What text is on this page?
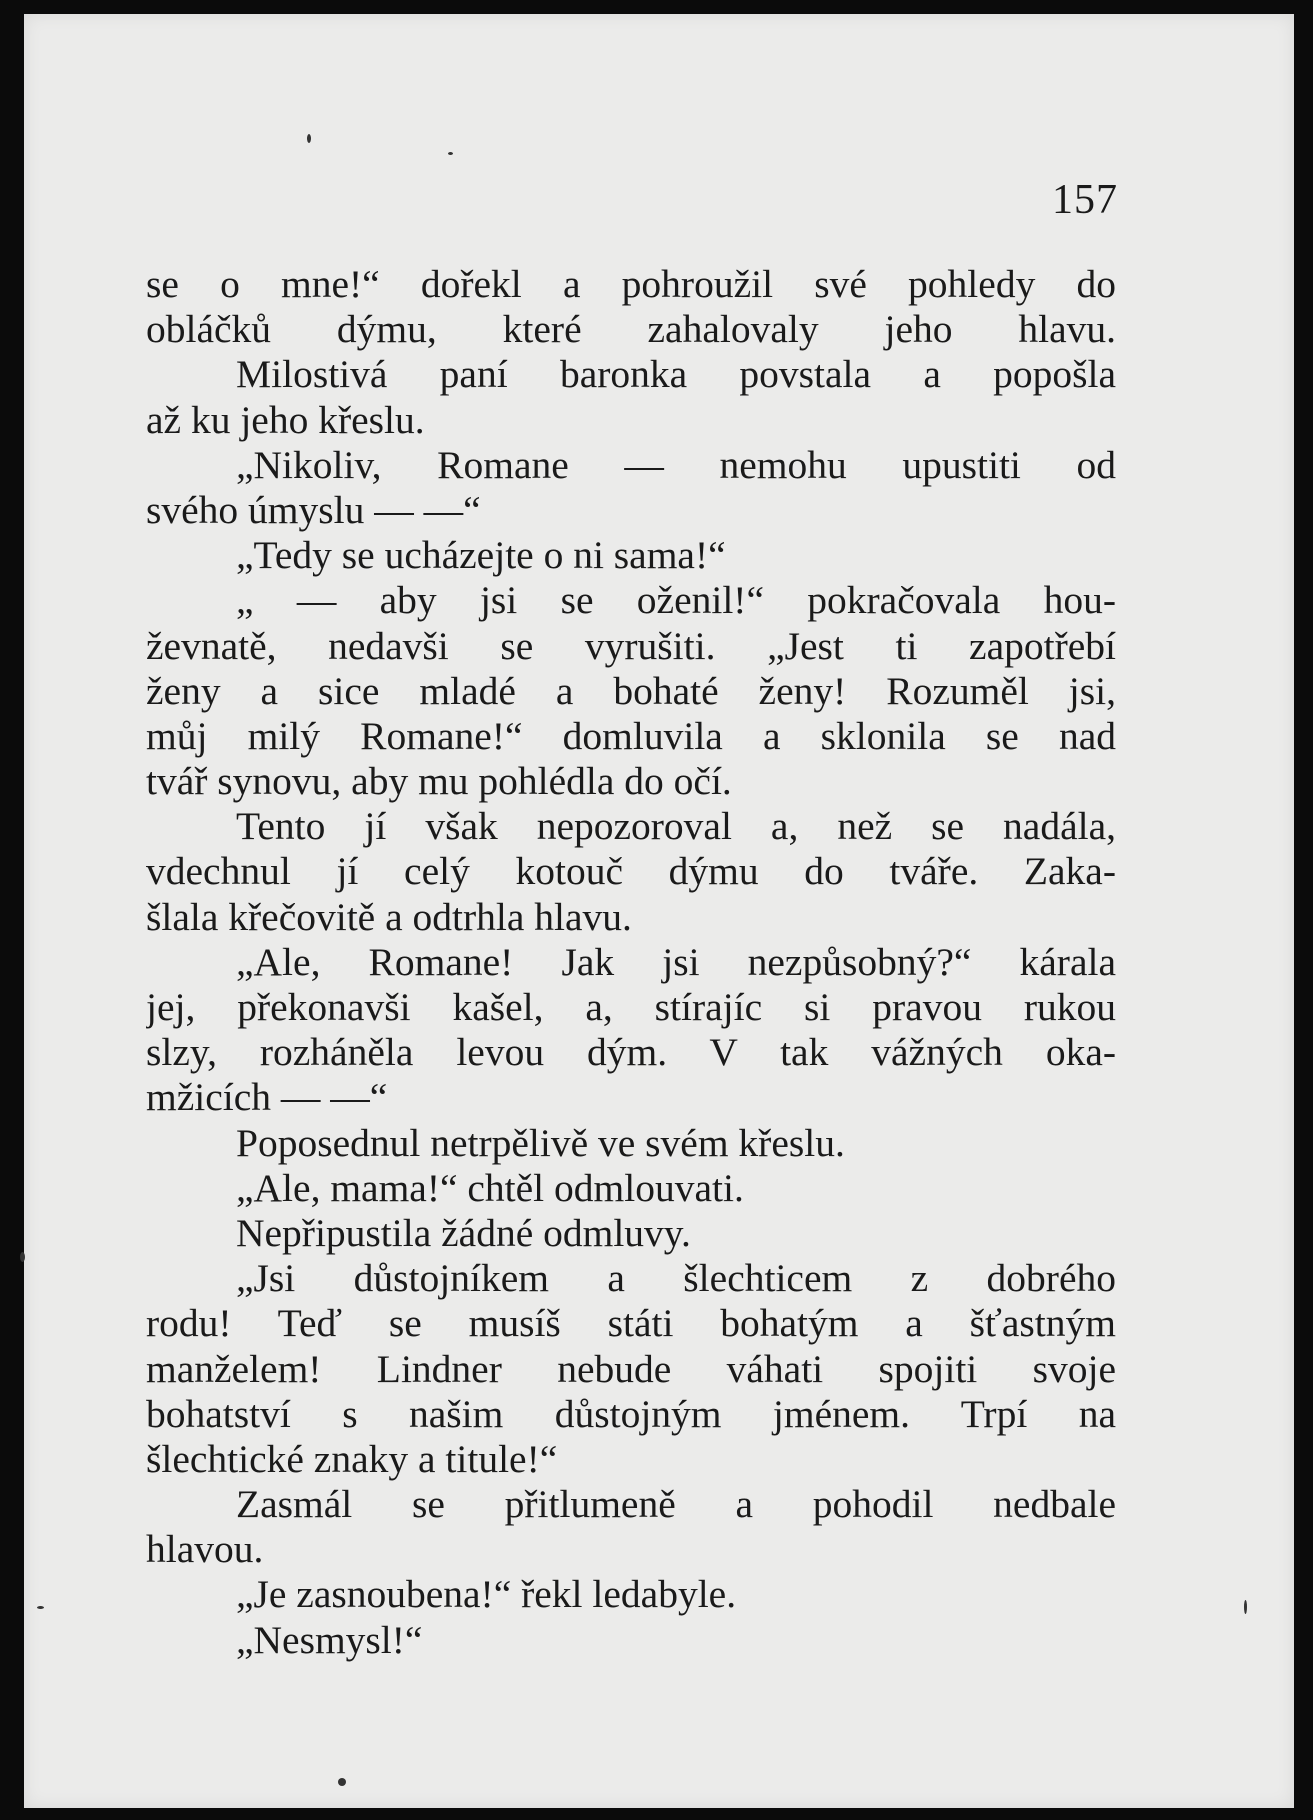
157
se o mne!“ dořekl a pohroužil své pohledy do
obláčků dýmu, které zahalovaly jeho hlavu.
Milostivá paní baronka povstala a popošla
až ku jeho křeslu.
„Nikoliv, Romane — nemohu upustiti od
svého úmyslu — —“
„Tedy se ucházejte o ni sama!“
„ — aby jsi se oženil!“ pokračovala hou-
ževnatě, nedavši se vyrušiti. „Jest ti zapotřebí
ženy a sice mladé a bohaté ženy! Rozuměl jsi,
můj milý Romane!“ domluvila a sklonila se nad
tvář synovu, aby mu pohlédla do očí.
Tento jí však nepozoroval a, než se nadála,
vdechnul jí celý kotouč dýmu do tváře. Zaka-
šlala křečovitě a odtrhla hlavu.
„Ale, Romane! Jak jsi nezpůsobný?“ kárala
jej, překonavši kašel, a, stírajíc si pravou rukou
slzy, rozháněla levou dým. V tak vážných oka-
mžicích — —“
Poposednul netrpělivě ve svém křeslu.
„Ale, mama!“ chtěl odmlouvati.
Nepřipustila žádné odmluvy.
„Jsi důstojníkem a šlechticem z dobrého
rodu! Teď se musíš státi bohatým a šťastným
manželem! Lindner nebude váhati spojiti svoje
bohatství s našim důstojným jménem. Trpí na
šlechtické znaky a titule!“
Zasmál se přitlumeně a pohodil nedbale
hlavou.
„Je zasnoubena!“ řekl ledabyle.
„Nesmysl!“
